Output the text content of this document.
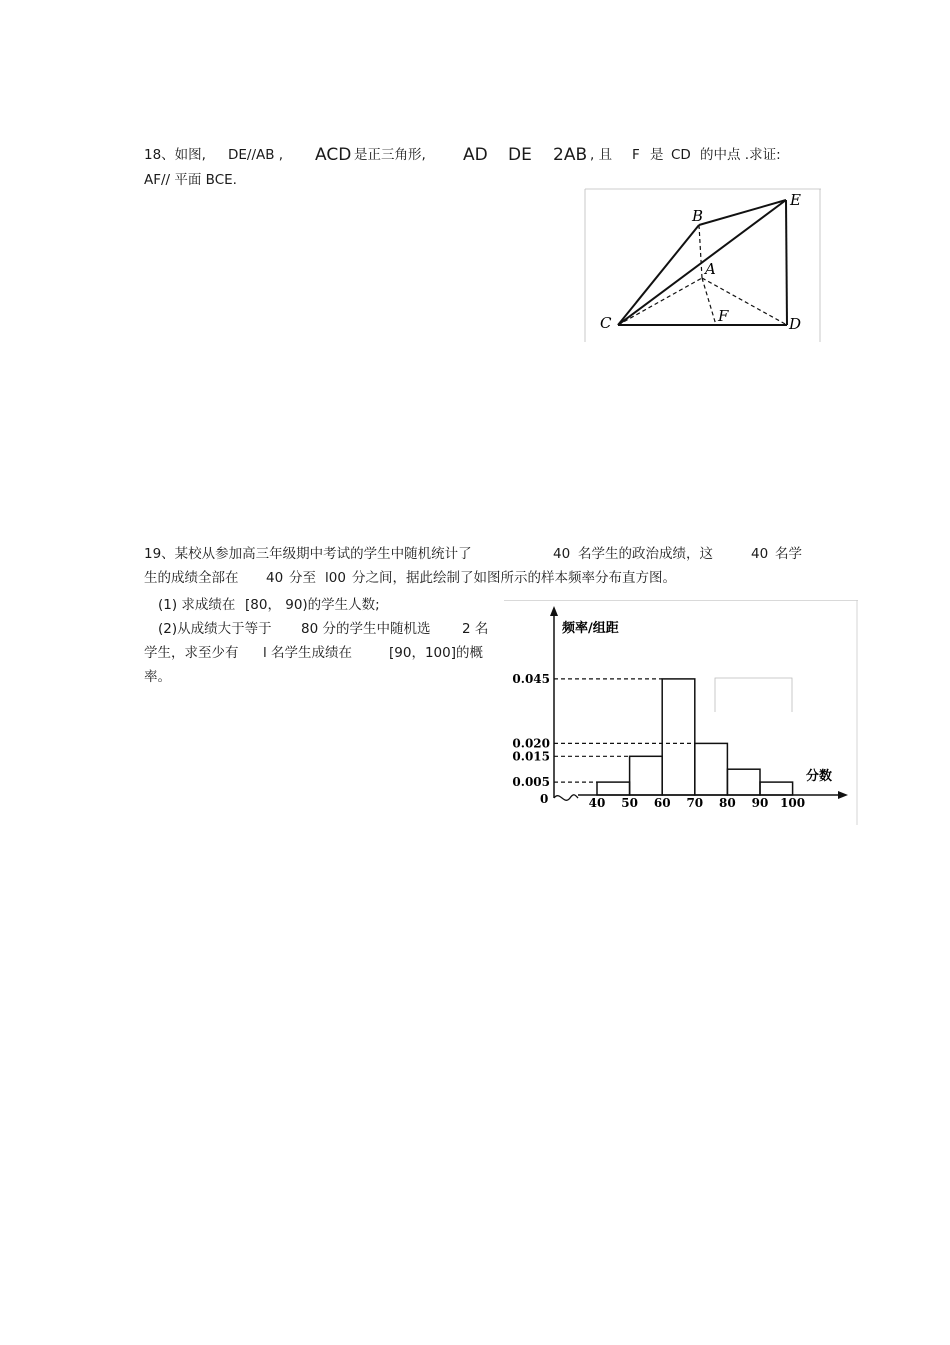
18、如图, DE//AB , ACD 是正三角形, AD DE 2AB , 且 F 是 CD 的中点 .求证:
AF// 平面 BCE.
B
E
A
C	F	D
19、某校从参加高三年级期中考试的学生中随机统计了	40 名学生的政治成绩，这	40 名学
生的成绩全部在 40 分至 l00 分之间，据此绘制了如图所示的样本频率分布直方图。
(1) 求成绩在 [80， 90)的学生人数;
(2)从成绩大于等于 80 分的学生中随机选 2 名
学生，求至少有 l 名学生成绩在	[90，100]的概
率。
频率/组距
分数
0
0.045
0.020
0.015
0.005
40 50 60 70 80 90 100
